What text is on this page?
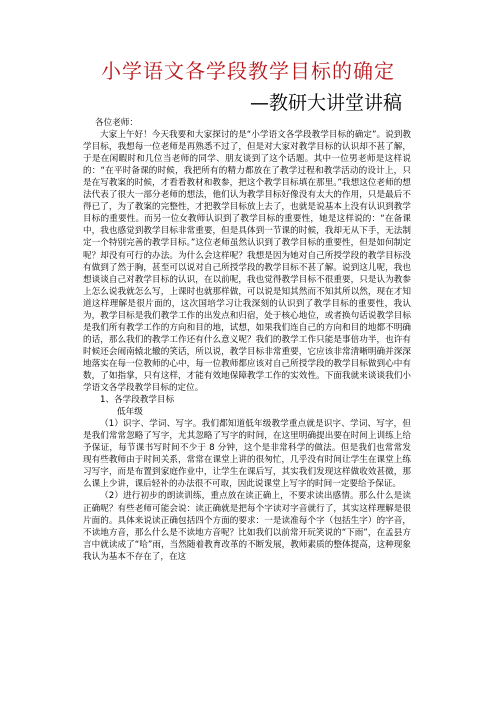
小学语文各学段教学目标的确定
—教研大讲堂讲稿

各位老师：

大家上午好！今天我要和大家探讨的是“小学语文各学段教学目标的确定”。说到教学目标，我想每一位老师是再熟悉不过了，但是对大家对教学目标的认识却不甚了解，于是在闲暇时和几位当老师的同学、朋友谈到了这个话题。其中一位男老师是这样说的：“在平时备课的时候，我把所有的精力都放在了教学过程和教学活动的设计上，只是在写教案的时候，才看看教材和教参，把这个教学目标填在那里。”我想这位老师的想法代表了很大一部分老师的想法，他们认为教学目标好像没有太大的作用，只是最后不得已了，为了教案的完整性，才把教学目标放上去了，也就是说基本上没有认识到教学目标的重要性。而另一位女教师认识到了教学目标的重要性，她是这样说的：“在备课中，我也感觉到教学目标非常重要，但是具体到一节课的时候，我却无从下手，无法制定一个特别完善的教学目标。”这位老师虽然认识到了教学目标的重要性，但是如何制定呢？却没有可行的办法。为什么会这样呢？我想是因为她对自己所授学段的教学目标没有做到了然于胸，甚至可以说对自己所授学段的教学目标不甚了解。说到这儿呢，我也想谈谈自己对教学目标的认识，在以前呢，我也觉得教学目标不很重要，只是认为教参上怎么说我就怎么写，上课时也就那样做，可以说是知其然而不知其所以然，现在才知道这样理解是很片面的，这次国培学习让我深刻的认识到了教学目标的重要性，我认为，教学目标是我们教学工作的出发点和归宿，处于核心地位，或者换句话说教学目标是我们所有教学工作的方向和目的地，试想，如果我们连自己的方向和目的地都不明确的话，那么我们的教学工作还有什么意义呢？我们的教学工作只能是事倍功半，也许有时候还会闹南辕北辙的笑话，所以说，教学目标非常重要，它应该非常清晰明确并深深地落实在每一位教师的心中，每一位教师都应该对自己所授学段的教学目标做到心中有数，了如指掌，只有这样，才能有效地保障教学工作的实效性。下面我就来谈谈我们小学语文各学段教学目标的定位。

1、各学段教学目标

低年级

（1）识字、学词、写字。我们都知道低年级教学重点就是识字、学词、写字，但是我们常常忽略了写字，尤其忽略了写字的时间，在这里明确提出要在时间上训练上给予保证，每节课书写时间不少于 8 分钟，这个是非常科学的做法。但是我们也常常发现有些教师由于时间关系，常常在课堂上讲的很匆忙，几乎没有时间让学生在课堂上练习写字，而是布置到家庭作业中，让学生在课后写，其实我们发现这样做收效甚微，那么课上少讲，课后轻补的办法很不可取，因此说课堂上写字的时间一定要给予保证。

（2）进行初步的朗读训练，重点放在读正确上，不要求读出感情。那么什么是读正确呢？有些老师可能会说：读正确就是把每个字读对字音就行了，其实这样理解是很片面的。具体来说读正确包括四个方面的要求：一是读准每个字（包括生字）的字音，不读地方音，那么什么是不读地方音呢？比如我们以前常开玩笑说的“下雨”，在孟县方言中就读成了“哈”雨，当然随着教育改革的不断发展，教师素质的整体提高，这种现象我认为基本不存在了，在这
